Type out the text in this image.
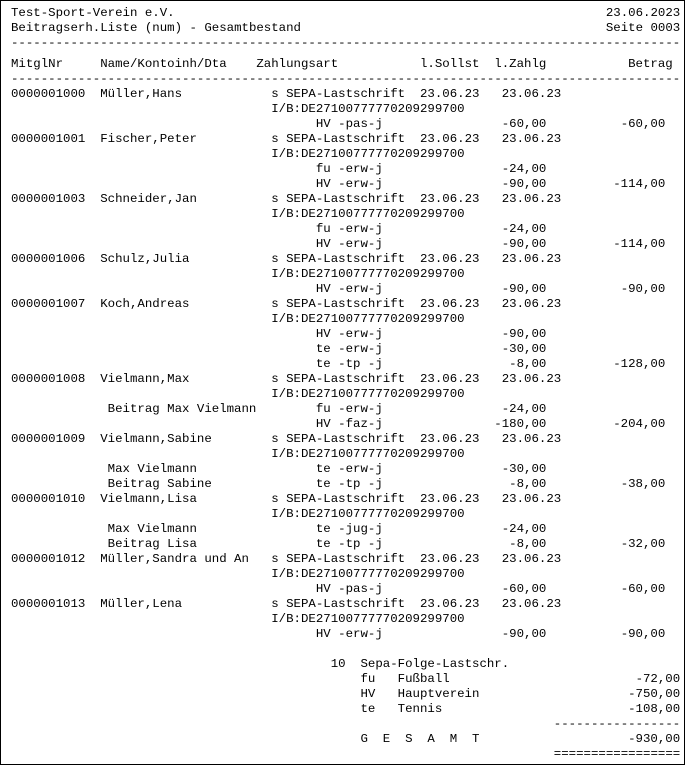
Test-Sport-Verein e.V.	23.06.2023
Beitragserh.Liste (num) - Gesamtbestand	Seite 0003
------------------------------------------------------------------------------------------
MitglNr	Name/Kontoinh/Dta Zahlungsart	l.Sollst	l.Zahlg	Betrag
------------------------------------------------------------------------------------------
0000001000 Müller,Hans	s SEPA-Lastschrift 23.06.23 23.06.23
I/B:DE27100777770209299700
HV -pas-j	-60,00	-60,00
0000001001 Fischer,Peter	s SEPA-Lastschrift 23.06.23 23.06.23
I/B:DE27100777770209299700
fu -erw-j	-24,00
HV -erw-j	-90,00	-114,00
0000001003 Schneider,Jan	s SEPA-Lastschrift 23.06.23 23.06.23
I/B:DE27100777770209299700
fu -erw-j	-24,00
HV -erw-j	-90,00	-114,00
0000001006 Schulz,Julia	s SEPA-Lastschrift 23.06.23 23.06.23
I/B:DE27100777770209299700
HV -erw-j	-90,00	-90,00
0000001007 Koch,Andreas	s SEPA-Lastschrift 23.06.23 23.06.23
I/B:DE27100777770209299700
HV -erw-j	-90,00
te -erw-j	-30,00
te -tp -j	-8,00	-128,00
0000001008 Vielmann,Max	s SEPA-Lastschrift 23.06.23 23.06.23
I/B:DE27100777770209299700
Beitrag Max Vielmann	fu -erw-j	-24,00
HV -faz-j	-180,00	-204,00
0000001009 Vielmann,Sabine	s SEPA-Lastschrift 23.06.23 23.06.23
I/B:DE27100777770209299700
Max Vielmann	te -erw-j	-30,00
Beitrag Sabine	te -tp -j	-8,00	-38,00
0000001010 Vielmann,Lisa	s SEPA-Lastschrift 23.06.23 23.06.23
I/B:DE27100777770209299700
Max Vielmann	te -jug-j	-24,00
Beitrag Lisa	te -tp -j	-8,00	-32,00
0000001012 Müller,Sandra und An s SEPA-Lastschrift 23.06.23 23.06.23
I/B:DE27100777770209299700
HV -pas-j	-60,00	-60,00
0000001013 Müller,Lena	s SEPA-Lastschrift 23.06.23 23.06.23
I/B:DE27100777770209299700
HV -erw-j	-90,00	-90,00
10 Sepa-Folge-Lastschr.
fu Fußball	-72,00
HV Hauptverein	-750,00
te Tennis	-108,00
-----------------
G  E  S  A  M  T	-930,00
=================
